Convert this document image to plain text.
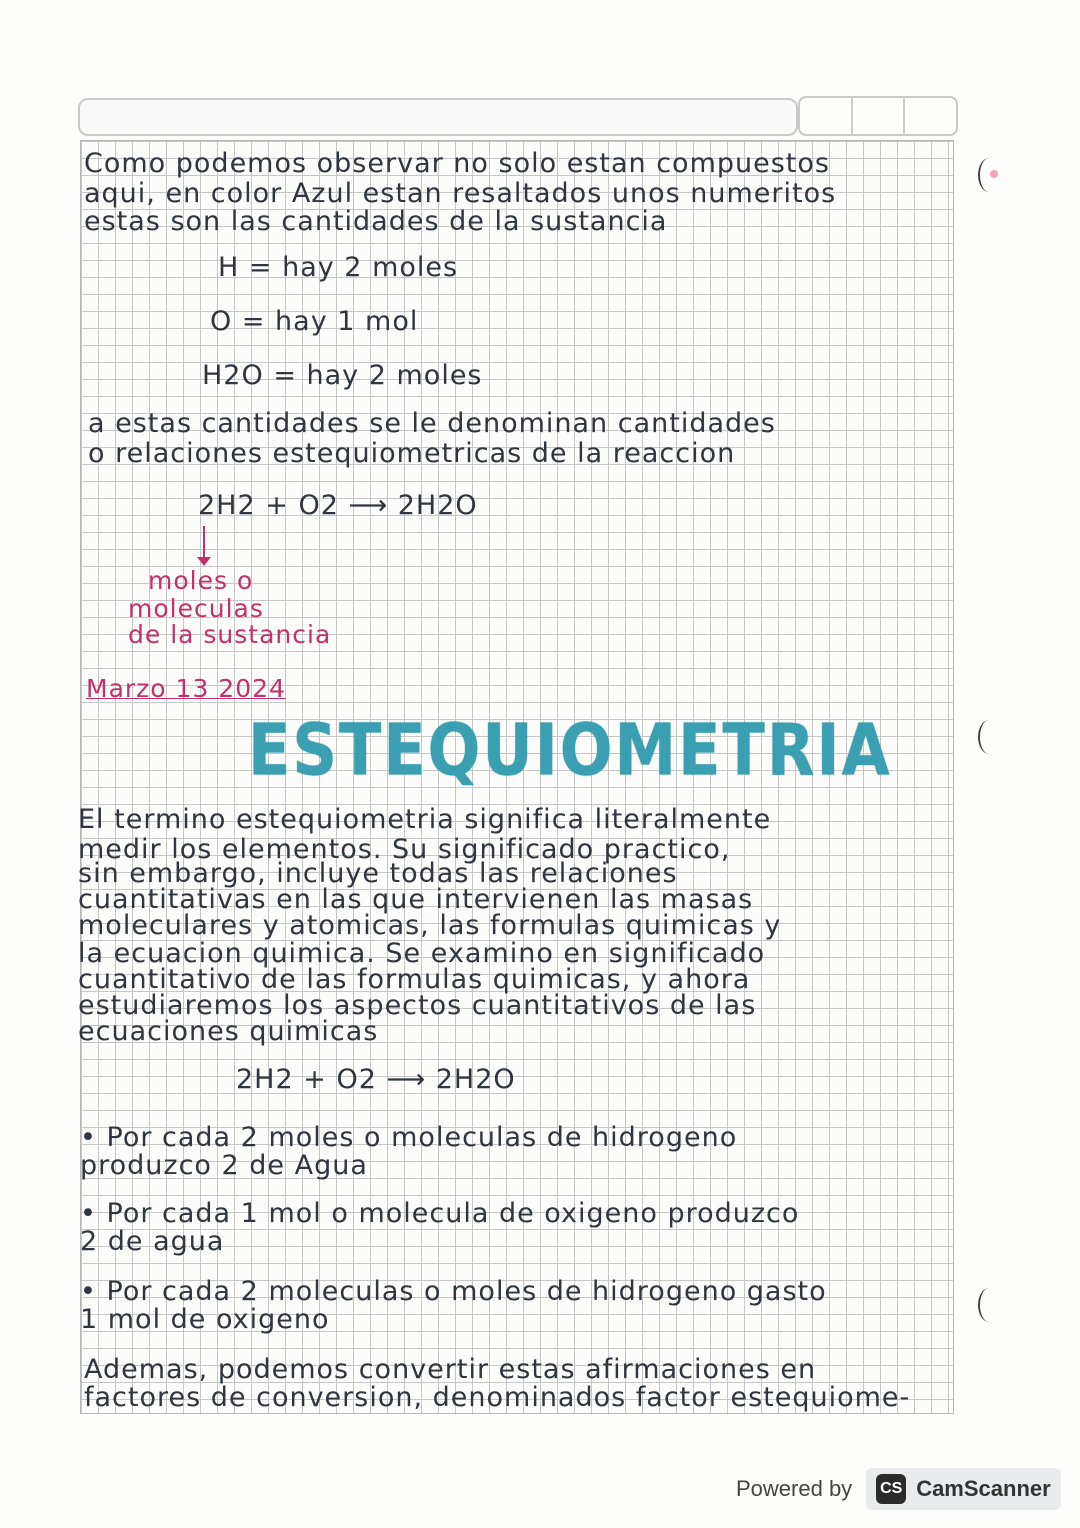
Como podemos observar no solo estan compuestos
aqui, en color Azul estan resaltados unos numeritos
estas son las cantidades de la sustancia
H = hay 2 moles
O = hay 1 mol
H2O = hay 2 moles
a estas cantidades se le denominan cantidades
o relaciones estequiometricas de la reaccion
2H2 + O2 ⟶ 2H2O
moles o
moleculas
de la sustancia
Marzo 13 2024
ESTEQUIOMETRIA
El termino estequiometria significa literalmente
medir los elementos. Su significado practico,
sin embargo, incluye todas las relaciones
cuantitativas en las que intervienen las masas
moleculares y atomicas, las formulas quimicas y
la ecuacion quimica. Se examino en significado
cuantitativo de las formulas quimicas, y ahora
estudiaremos los aspectos cuantitativos de las
ecuaciones quimicas
2H2 + O2 ⟶ 2H2O
• Por cada 2 moles o moleculas de hidrogeno
produzco 2 de Agua
• Por cada 1 mol o molecula de oxigeno produzco
2 de agua
• Por cada 2 moleculas o moles de hidrogeno gasto
1 mol de oxigeno
Ademas, podemos convertir estas afirmaciones en
factores de conversion, denominados factor estequiome-
Powered by CS CamScanner
